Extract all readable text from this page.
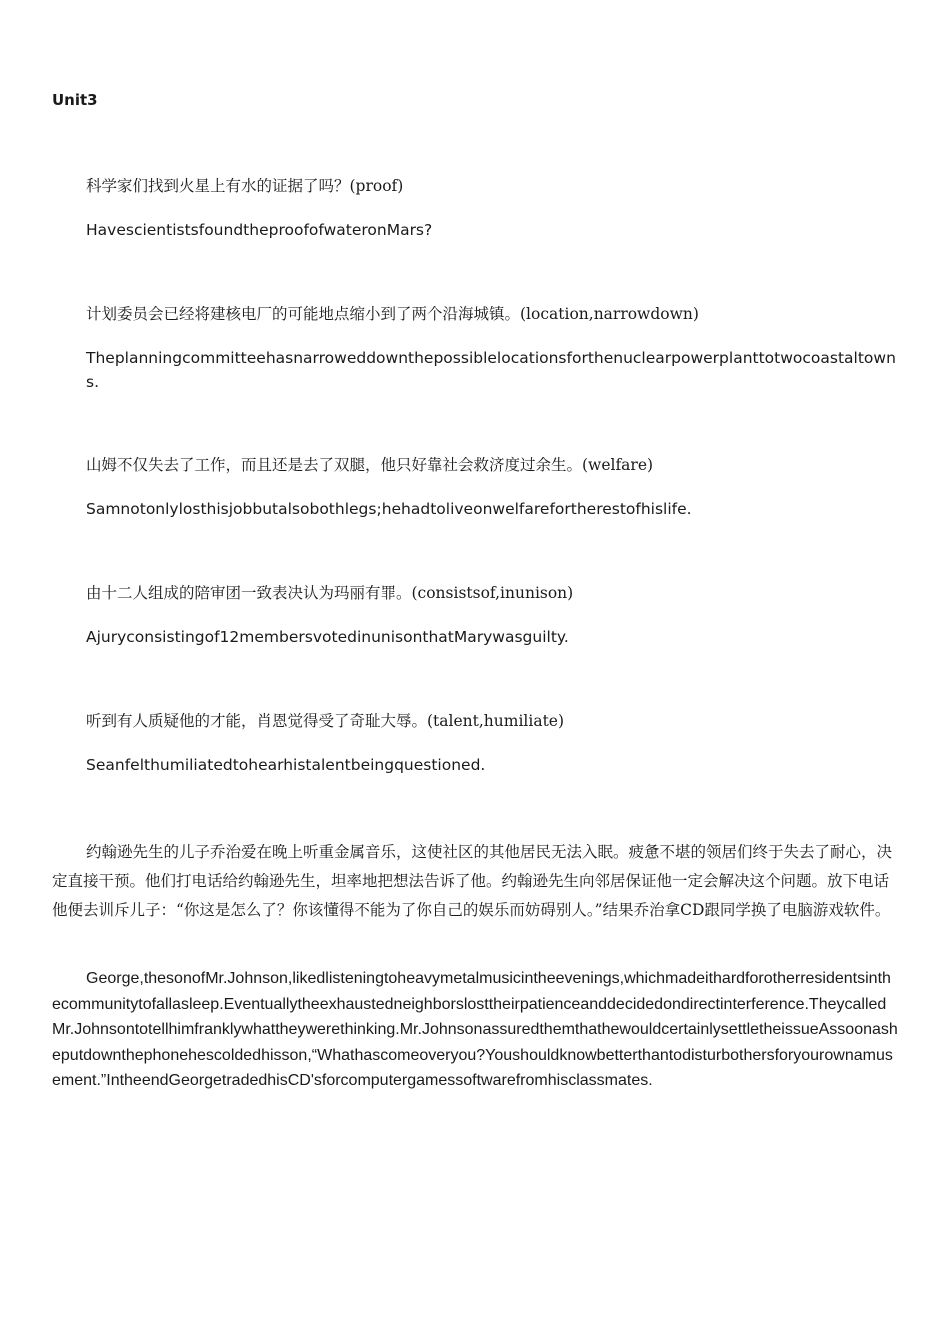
Unit3

科学家们找到火星上有水的证据了吗？(proof)

HavescientistsfoundtheproofofwateronMars?

计划委员会已经将建核电厂的可能地点缩小到了两个沿海城镇。(location,narrowdown)

Theplanningcommitteehasnarroweddownthepossiblelocationsforthenuclearpowerplanttotwocoastaltowns.

山姆不仅失去了工作，而且还是去了双腿，他只好靠社会救济度过余生。(welfare)

Samnotonlylosthisjobbutalsobothlegs;hehadtoliveonwelfarefortherestofhislife.

由十二人组成的陪审团一致表决认为玛丽有罪。(consistsof,inunison)

Ajuryconsistingof12membersvotedinunisonthatMarywasguilty.

听到有人质疑他的才能，肖恩觉得受了奇耻大辱。(talent,humiliate)

Seanfelthumiliatedtohearhistalentbeingquestioned.

约翰逊先生的儿子乔治爱在晚上听重金属音乐，这使社区的其他居民无法入眠。疲惫不堪的领居们终于失去了耐心，决定直接干预。他们打电话给约翰逊先生，坦率地把想法告诉了他。约翰逊先生向邻居保证他一定会解决这个问题。放下电话他便去训斥儿子：“你这是怎么了？你该懂得不能为了你自己的娱乐而妨碍别人。”结果乔治拿CD跟同学换了电脑游戏软件。

George,thesonofMr.Johnson,likedlisteningtoheavymetalmusicintheevenings,whichmadeithardforotherresidentsinthecommunitytofallasleep.Eventuallytheexhaustedneighborslosttheirpatienceanddecidedondirectinterference.TheycalledMr.Johnsontotellhimfranklywhattheywerethinking.Mr.JohnsonassuredthemthathewouldcertainlysettletheissueAssoonasheputdownthephonehescoldedhisson,“Whathascomeoveryou?Youshouldknowbetterthantodisturbothersforyourownamusement.”IntheendGeorgetradedhisCD'sforcomputergamessoftwarefromhisclassmates.
